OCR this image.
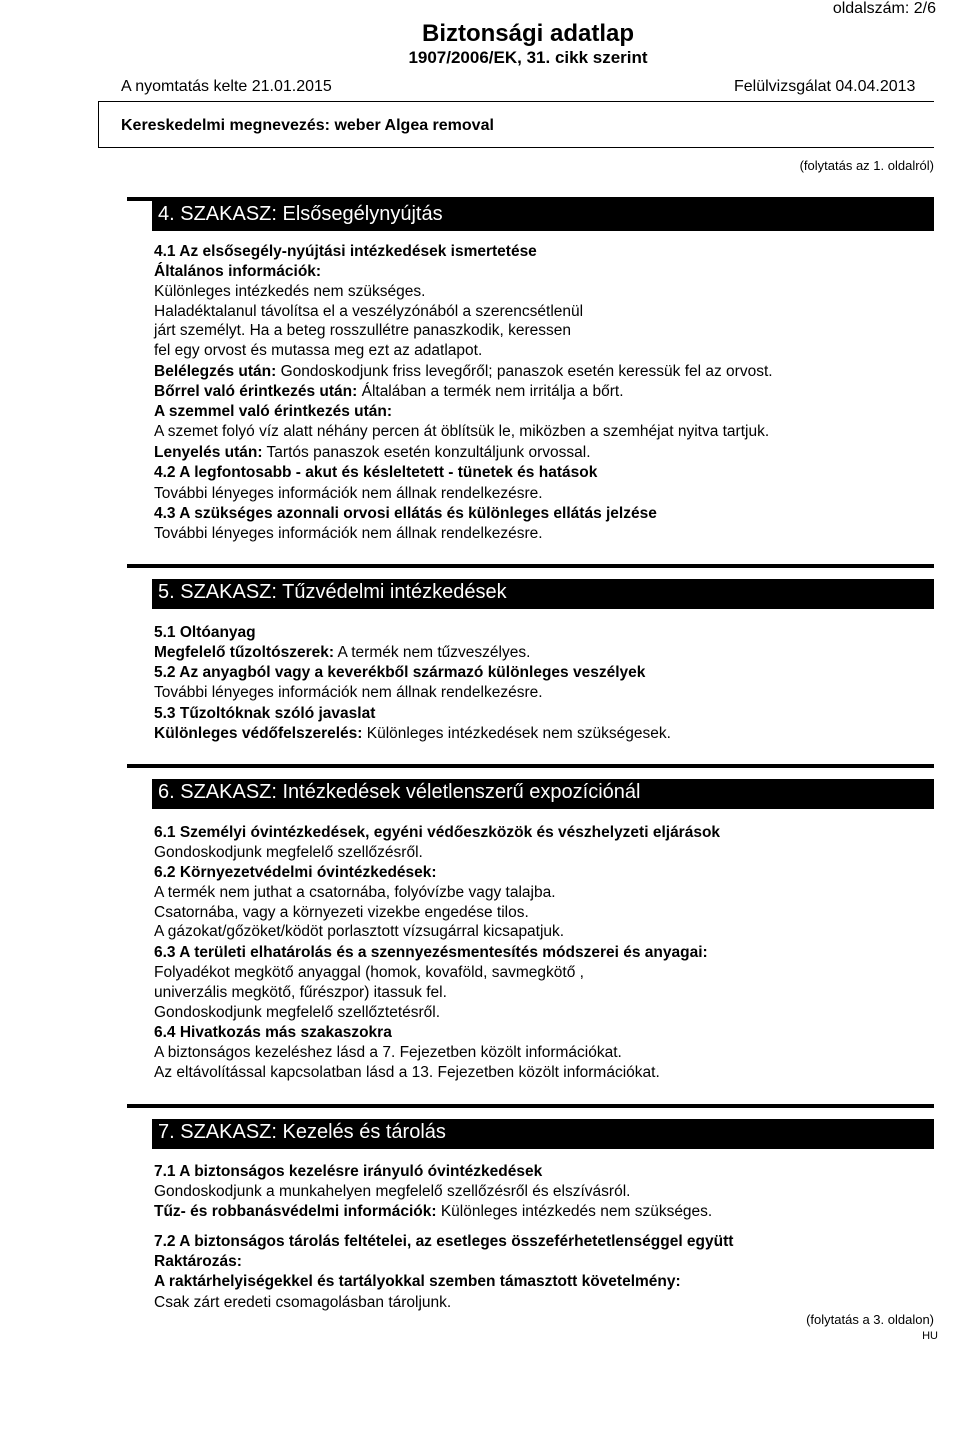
oldalszám: 2/6
Biztonsági adatlap
1907/2006/EK, 31. cikk szerint
A nyomtatás kelte 21.01.2015	Felülvizsgálat 04.04.2013
Kereskedelmi megnevezés: weber Algea removal
(folytatás az 1. oldalról)
4. SZAKASZ: Elsősegélynyújtás
4.1 Az elsősegély-nyújtási intézkedések ismertetése
Általános információk:
Különleges intézkedés nem szükséges.
Haladéktalanul távolítsa el a veszélyzónából a szerencsétlenül
járt személyt. Ha a beteg rosszullétre panaszkodik, keressen
fel egy orvost és mutassa meg ezt az adatlapot.
Belélegzés után: Gondoskodjunk friss levegőről; panaszok esetén keressük fel az orvost.
Bőrrel való érintkezés után: Általában a termék nem irritálja a bőrt.
A szemmel való érintkezés után:
A szemet folyó víz alatt néhány percen át öblítsük le, miközben a szemhéjat nyitva tartjuk.
Lenyelés után: Tartós panaszok esetén konzultáljunk orvossal.
4.2 A legfontosabb - akut és késleltetett - tünetek és hatások
További lényeges információk nem állnak rendelkezésre.
4.3 A szükséges azonnali orvosi ellátás és különleges ellátás jelzése
További lényeges információk nem állnak rendelkezésre.
5. SZAKASZ: Tűzvédelmi intézkedések
5.1 Oltóanyag
Megfelelő tűzoltószerek: A termék nem tűzveszélyes.
5.2 Az anyagból vagy a keverékből származó különleges veszélyek
További lényeges információk nem állnak rendelkezésre.
5.3 Tűzoltóknak szóló javaslat
Különleges védőfelszerelés: Különleges intézkedések nem szükségesek.
6. SZAKASZ: Intézkedések véletlenszerű expozíciónál
6.1 Személyi óvintézkedések, egyéni védőeszközök és vészhelyzeti eljárások
Gondoskodjunk megfelelő szellőzésről.
6.2 Környezetvédelmi óvintézkedések:
A termék nem juthat a csatornába, folyóvízbe vagy talajba.
Csatornába, vagy a környezeti vizekbe engedése tilos.
A gázokat/gőzöket/ködöt porlasztott vízsugárral kicsapatjuk.
6.3 A területi elhatárolás és a szennyezésmentesítés módszerei és anyagai:
Folyadékot megkötő anyaggal (homok, kovaföld, savmegkötő ,
univerzális megkötő, fűrészpor) itassuk fel.
Gondoskodjunk megfelelő szellőztetésről.
6.4 Hivatkozás más szakaszokra
A biztonságos kezeléshez lásd a 7. Fejezetben közölt információkat.
Az eltávolítással kapcsolatban lásd a 13. Fejezetben közölt információkat.
7. SZAKASZ: Kezelés és tárolás
7.1 A biztonságos kezelésre irányuló óvintézkedések
Gondoskodjunk a munkahelyen megfelelő szellőzésről és elszívásról.
Tűz- és robbanásvédelmi információk: Különleges intézkedés nem szükséges.
7.2 A biztonságos tárolás feltételei, az esetleges összeférhetetlenséggel együtt
Raktározás:
A raktárhelyiségekkel és tartályokkal szemben támasztott követelmény:
Csak zárt eredeti csomagolásban tároljunk.
(folytatás a 3. oldalon)
HU
